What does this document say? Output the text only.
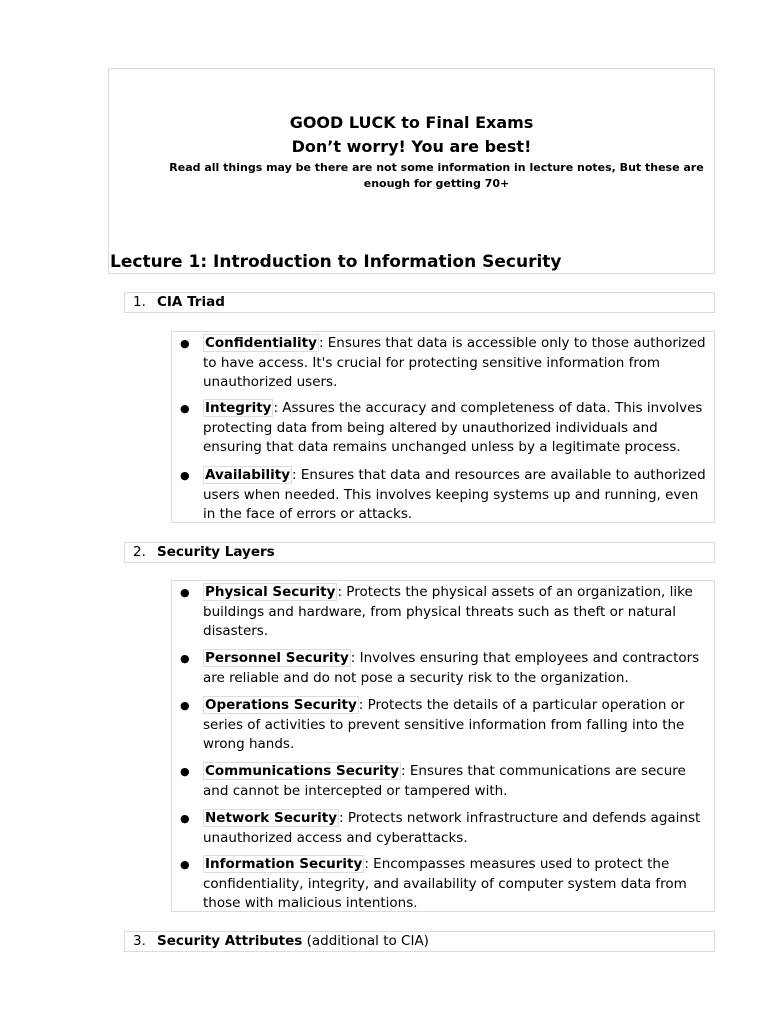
GOOD LUCK to Final Exams
Don’t worry! You are best!
Read all things may be there are not some information in lecture notes, But these are enough for getting 70+
Lecture 1: Introduction to Information Security
1. CIA Triad
● Confidentiality : Ensures that data is accessible only to those authorized to have access. It's crucial for protecting sensitive information from unauthorized users.
● Integrity : Assures the accuracy and completeness of data. This involves protecting data from being altered by unauthorized individuals and ensuring that data remains unchanged unless by a legitimate process.
● Availability : Ensures that data and resources are available to authorized users when needed. This involves keeping systems up and running, even in the face of errors or attacks.
2. Security Layers
● Physical Security : Protects the physical assets of an organization, like buildings and hardware, from physical threats such as theft or natural disasters.
● Personnel Security : Involves ensuring that employees and contractors are reliable and do not pose a security risk to the organization.
● Operations Security : Protects the details of a particular operation or series of activities to prevent sensitive information from falling into the wrong hands.
● Communications Security : Ensures that communications are secure and cannot be intercepted or tampered with.
● Network Security : Protects network infrastructure and defends against unauthorized access and cyberattacks.
● Information Security : Encompasses measures used to protect the confidentiality, integrity, and availability of computer system data from those with malicious intentions.
3. Security Attributes (additional to CIA)
